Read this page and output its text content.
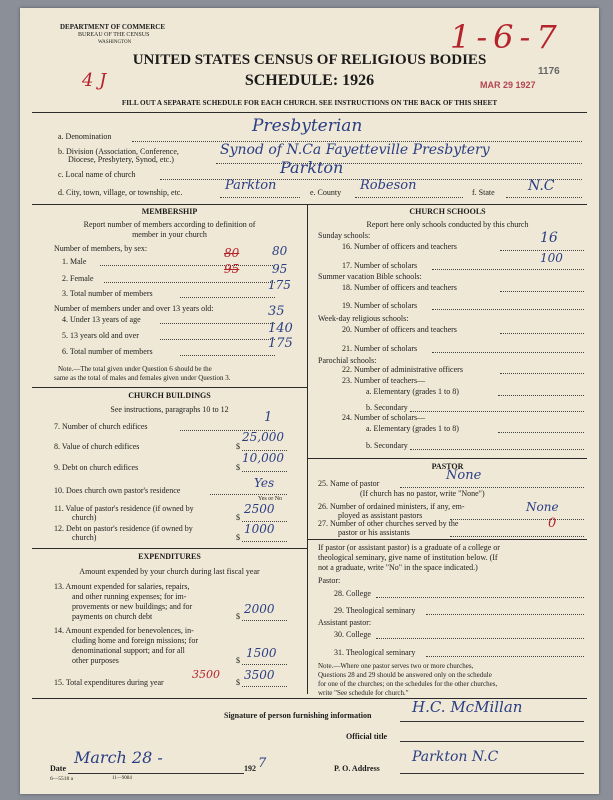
DEPARTMENT OF COMMERCE
BUREAU OF THE CENSUS
WASHINGTON
UNITED STATES CENSUS OF RELIGIOUS BODIES
SCHEDULE: 1926
FILL OUT A SEPARATE SCHEDULE FOR EACH CHURCH. SEE INSTRUCTIONS ON THE BACK OF THIS SHEET
4 J
1-6-7
1176
MAR 29 1927
a. Denomination
Presbyterian
b. Division (Association, Conference,
Diocese, Presbytery, Synod, etc.)
Synod of N.Ca Fayetteville Presbytery
c. Local name of church	Parkton
d. City, town, village, or township, etc.	Parkton	e. County Robeson	f. State N.C
MEMBERSHIP
Report number of members according to definition of
member in your church
Number of members, by sex:
1. Male
80	80
2. Female
95	95
3. Total number of members
175
Number of members under and over 13 years old:
4. Under 13 years of age
35
5. 13 years old and over	140
6. Total number of members
175
Note.—The total given under Question 6 should be the
same as the total of males and females given under Question 3.
CHURCH BUILDINGS
See instructions, paragraphs 10 to 12
7. Number of church edifices
1
8. Value of church edifices	$
25,000
9. Debt on church edifices	$
10,000
10. Does church own pastor's residence
Yes
Yes or No
11. Value of pastor's residence (if owned by
church)	$
2500
12. Debt on pastor's residence (if owned by
church)	$
1000
EXPENDITURES
Amount expended by your church during last fiscal year
13. Amount expended for salaries, repairs,
and other running expenses; for im-
provements or new buildings; and for
payments on church debt	$
2000
14. Amount expended for benevolences, in-
cluding home and foreign missions; for
denominational support; and for all
other purposes	$
1500
15. Total expenditures during year
3500
$
3500
CHURCH SCHOOLS
Report here only schools conducted by this church
Sunday schools:
16. Number of officers and teachers
16
17. Number of scholars
100
Summer vacation Bible schools:
18. Number of officers and teachers
19. Number of scholars
Week-day religious schools:
20. Number of officers and teachers
21. Number of scholars
Parochial schools:
22. Number of administrative officers
23. Number of teachers—
a. Elementary (grades 1 to 8)
b. Secondary
24. Number of scholars—
a. Elementary (grades 1 to 8)
b. Secondary
PASTOR
25. Name of pastor
None
(If church has no pastor, write "None")
26. Number of ordained ministers, if any, em-
ployed as assistant pastors
None
27. Number of other churches served by the
pastor or his assistants
0
If pastor (or assistant pastor) is a graduate of a college or
theological seminary, give name of institution below. (If
not a graduate, write "No" in the space indicated.)
Pastor:
28. College
29. Theological seminary
Assistant pastor:
30. College
31. Theological seminary
Note.—Where one pastor serves two or more churches,
Questions 28 and 29 should be answered only on the schedule
for one of the churches; on the schedules for the other churches,
write "See schedule for church."
Signature of person furnishing information	H.C. McMillan
Official title
Date
March 28 -
192 7	P. O. Address
Parkton N.C
6—5518 a	11—9084
